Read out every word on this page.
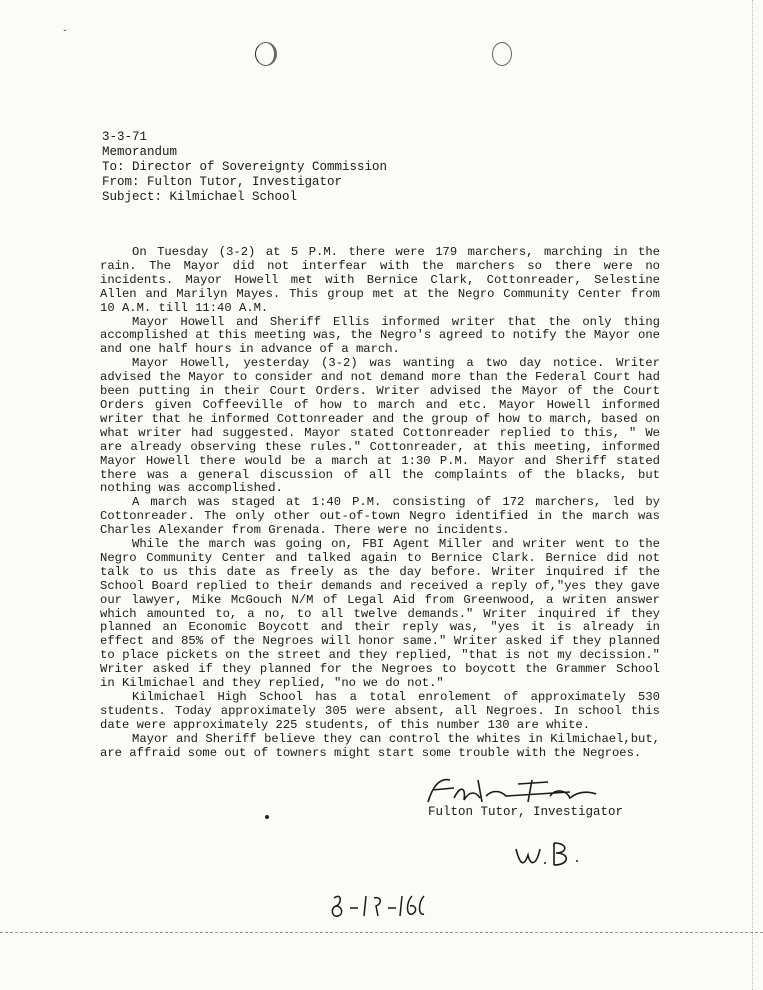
ˇ
3-3-71
Memorandum
To: Director of Sovereignty Commission
From: Fulton Tutor, Investigator
Subject: Kilmichael School

On Tuesday (3-2) at 5 P.M. there were 179 marchers, marching in the rain. The Mayor did not interfear with the marchers so there were no incidents. Mayor Howell met with Bernice Clark, Cottonreader, Selestine Allen and Marilyn Mayes. This group met at the Negro Community Center from 10 A.M. till 11:40 A.M.

Mayor Howell and Sheriff Ellis informed writer that the only thing accomplished at this meeting was, the Negro's agreed to notify the Mayor one and one half hours in advance of a march.

Mayor Howell, yesterday (3-2) was wanting a two day notice. Writer advised the Mayor to consider and not demand more than the Federal Court had been putting in their Court Orders. Writer advised the Mayor of the Court Orders given Coffeeville of how to march and etc. Mayor Howell informed writer that he informed Cottonreader and the group of how to march, based on what writer had suggested. Mayor stated Cottonreader replied to this, " We are already observing these rules." Cottonreader, at this meeting, informed Mayor Howell there would be a march at 1:30 P.M. Mayor and Sheriff stated there was a general discussion of all the complaints of the blacks, but nothing was accomplished.

A march was staged at 1:40 P.M. consisting of 172 marchers, led by Cottonreader. The only other out-of-town Negro identified in the march was Charles Alexander from Grenada. There were no incidents.

While the march was going on, FBI Agent Miller and writer went to the Negro Community Center and talked again to Bernice Clark. Bernice did not talk to us this date as freely as the day before. Writer inquired if the School Board replied to their demands and received a reply of,"yes they gave our lawyer, Mike McGouch N/M of Legal Aid from Greenwood, a writen answer which amounted to, a no, to all twelve demands." Writer inquired if they planned an Economic Boycott and their reply was, "yes it is already in effect and 85% of the Negroes will honor same." Writer asked if they planned to place pickets on the street and they replied, "that is not my decission." Writer asked if they planned for the Negroes to boycott the Grammer School in Kilmichael and they replied, "no we do not."

Kilmichael High School has a total enrolement of approximately 530 students. Today approximately 305 were absent, all Negroes. In school this date were approximately 225 students, of this number 130 are white.

Mayor and Sheriff believe they can control the whites in Kilmichael,but, are affraid some out of towners might start some trouble with the Negroes.

Fulton Tutor, Investigator
